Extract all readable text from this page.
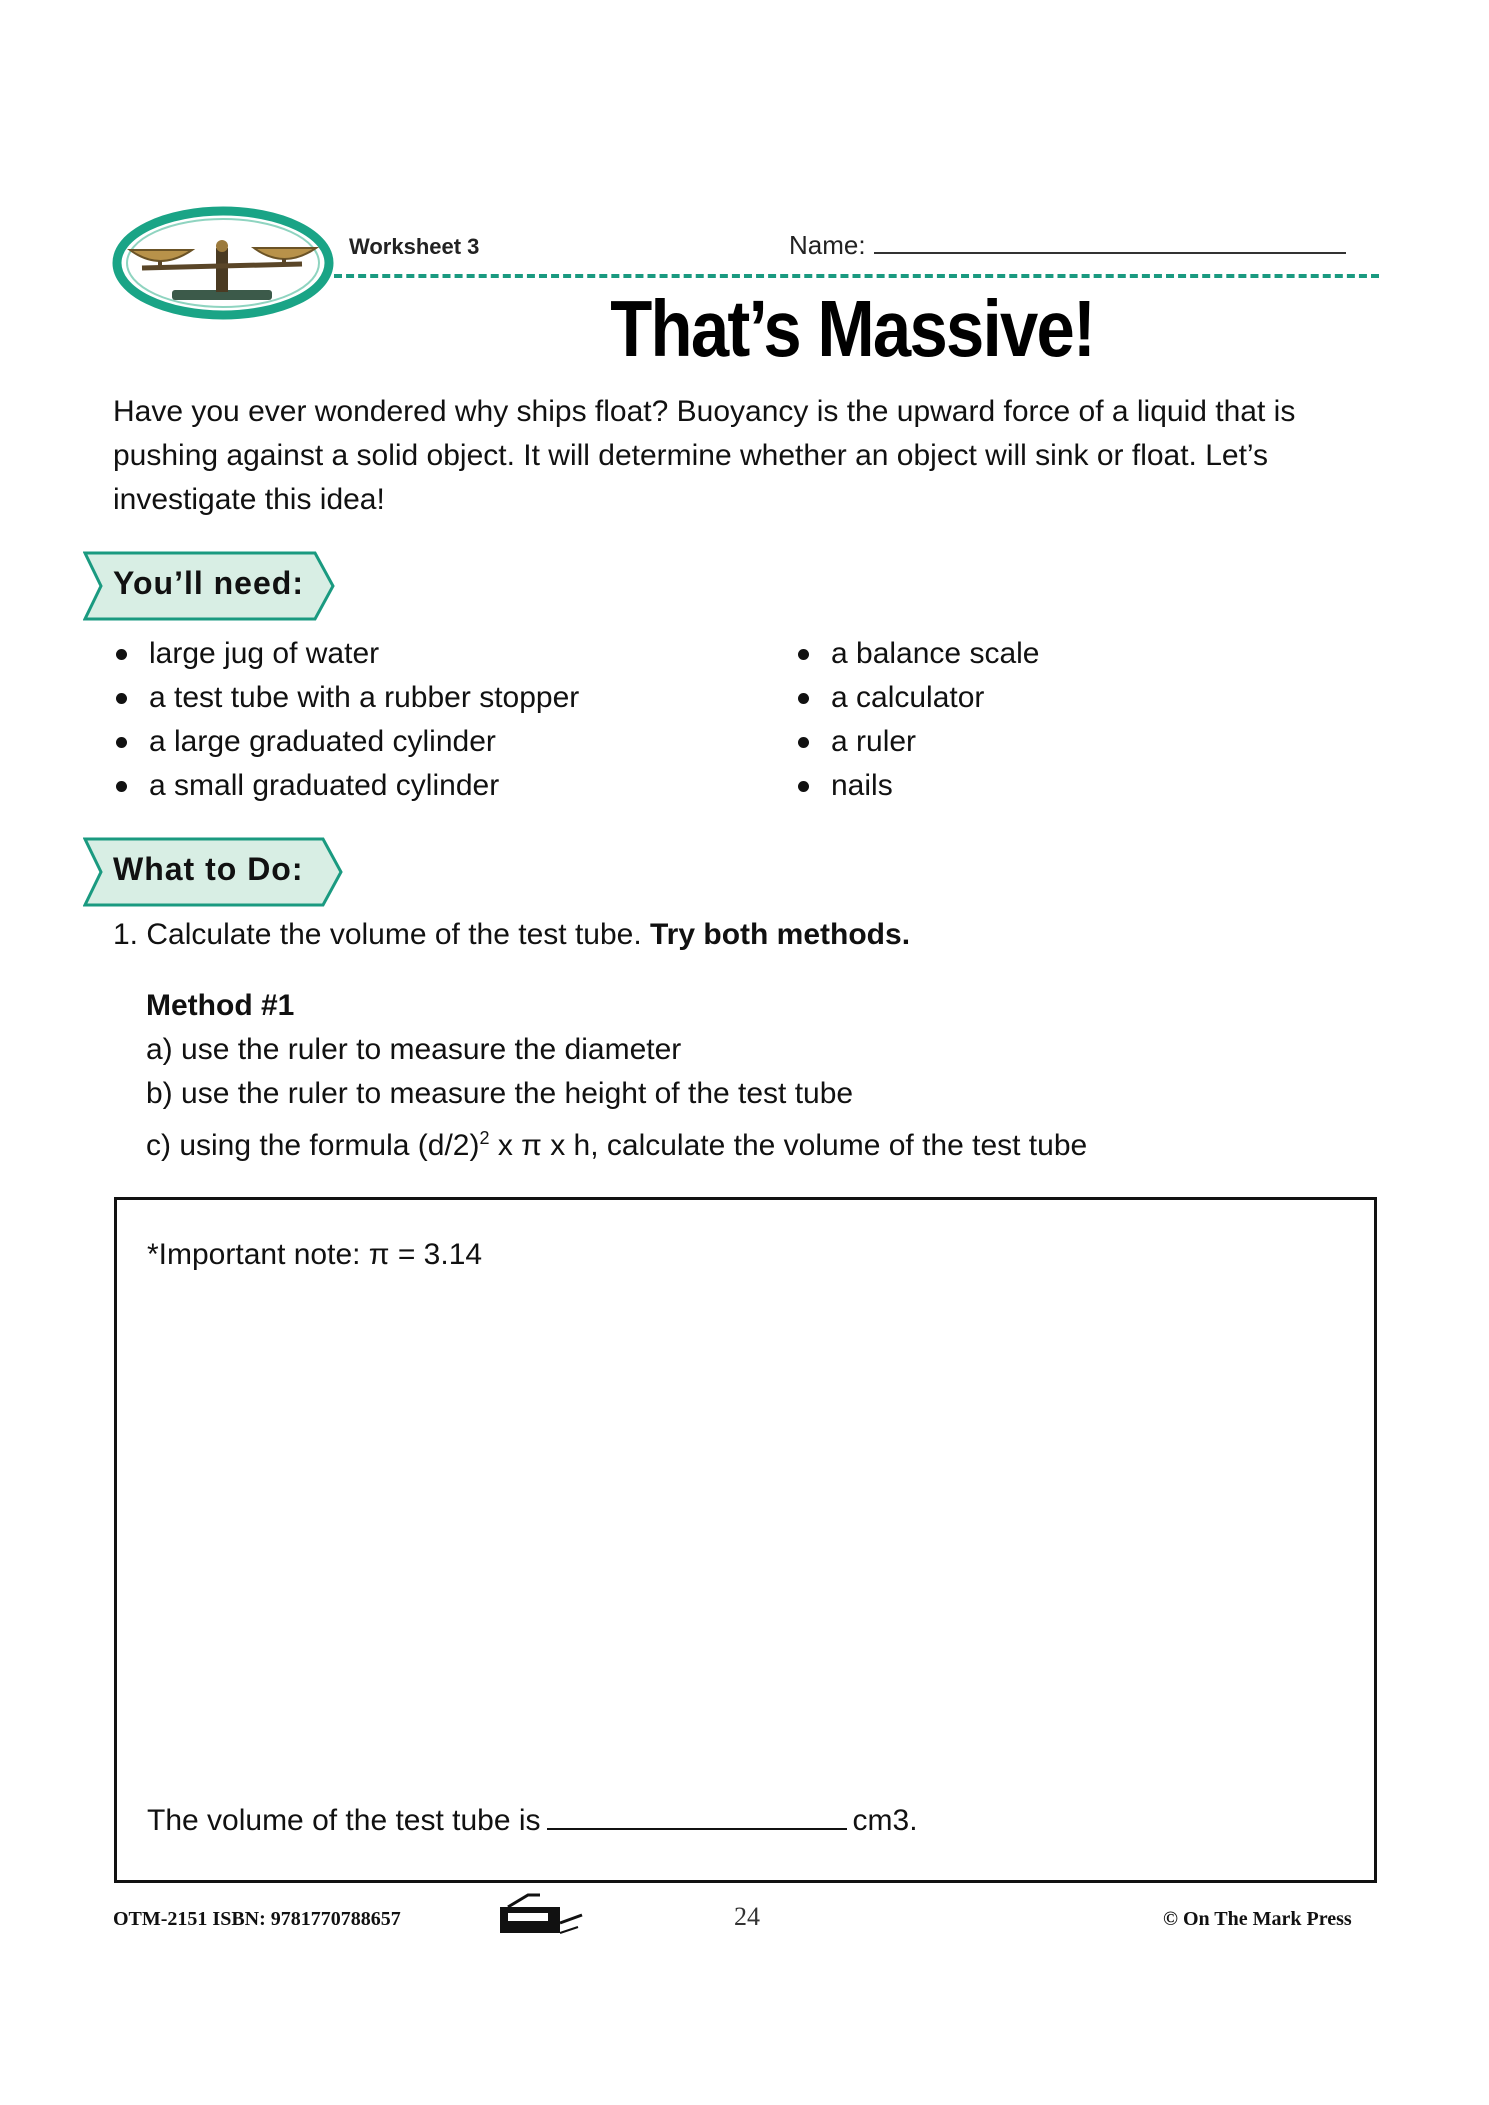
Worksheet 3	Name:
That’s Massive!

Have you ever wondered why ships float? Buoyancy is the upward force of a liquid that is pushing against a solid object. It will determine whether an object will sink or float. Let’s investigate this idea!

You’ll need:
large jug of water
a test tube with a rubber stopper
a large graduated cylinder
a small graduated cylinder
a balance scale
a calculator
a ruler
nails
What to Do:
1. Calculate the volume of the test tube. Try both methods.
Method #1
a) use the ruler to measure the diameter
b) use the ruler to measure the height of the test tube
c) using the formula $(d/2)^2$ x π x h, calculate the volume of the test tube
*Important note: π = 3.14
The volume of the test tube is	cm3.
OTM-2151 ISBN: 9781770788657	24	© On The Mark Press
